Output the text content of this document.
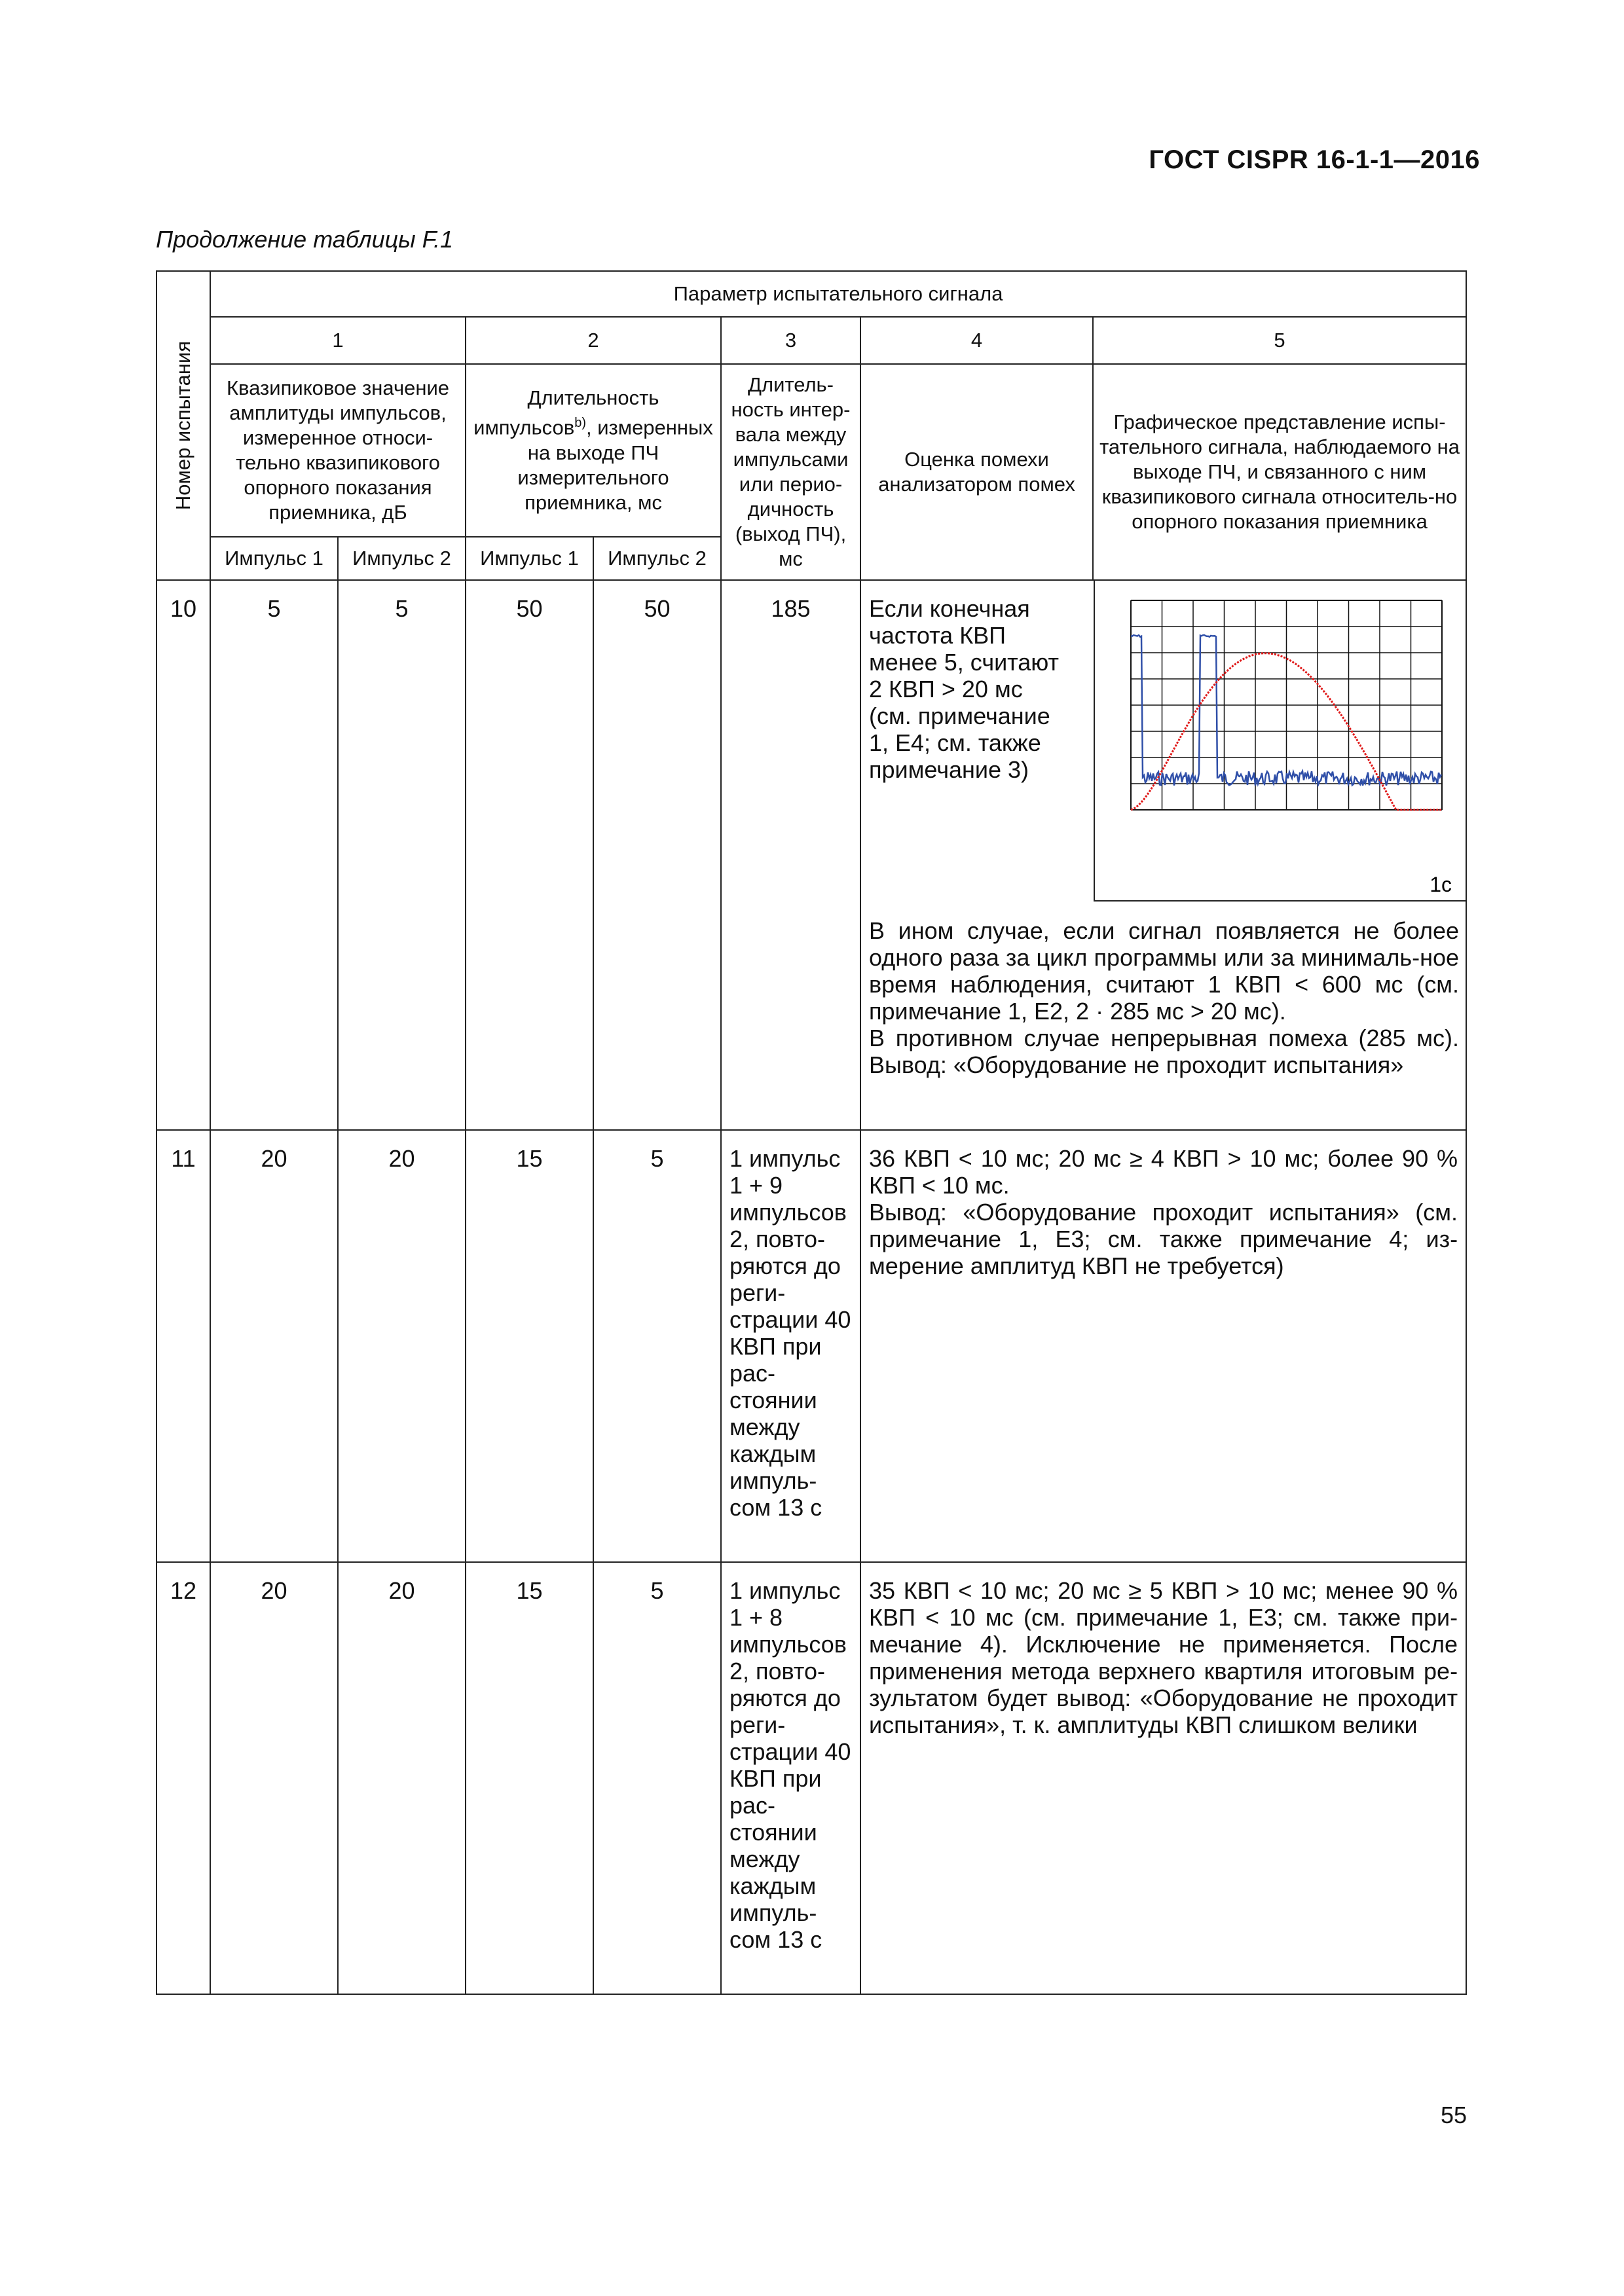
ГОСТ CISPR 16-1-1—2016
Продолжение таблицы F.1
Номер испытания	Параметр испытательного сигнала						
	1		2		3	4	5
	Квазипиковое значение амплитуды импульсов, измеренное относи-тельно квазипикового опорного показания приемника, дБ		Длительность импульсов$^{b)}$, измеренных на выходе ПЧ измерительного приемника, мс		Длитель-ность интер-вала между импульсами или перио-дичность (выход ПЧ), мс	Оценка помехи анализатором помех	Графическое представление испы-тательного сигнала, наблюдаемого на выходе ПЧ, и связанного с ним квазипикового сигнала относитель-но опорного показания приемника
	Импульс 1	Импульс 2	Импульс 1	Импульс 2			
10	5	5	50	50	185	Если конечная частота КВП менее 5, считают 2 КВП > 20 мс (см. примечание 1, E4; см. также примечание 3)
1c
В ином случае, если сигнал появляется не более одного раза за цикл программы или за минималь-ное время наблюдения, считают 1 КВП < 600 мс (см. примечание 1, E2, 2 · 285 мс > 20 мс).
В противном случае непрерывная помеха (285 мс). Вывод: «Оборудование не проходит испытания»	

11	20	20	15	5	1 импульс 1 + 9 импульсов 2, повто-ряются до реги-страции 40 КВП при рас-стоянии между каждым импуль-сом 13 с	36 КВП < 10 мс; 20 мс ≥ 4 КВП > 10 мс; более 90 % КВП < 10 мс.
Вывод: «Оборудование проходит испытания» (см. примечание 1, E3; см. также примечание 4; из-мерение амплитуд КВП не требуется)	
12	20	20	15	5	1 импульс 1 + 8 импульсов 2, повто-ряются до реги-страции 40 КВП при рас-стоянии между каждым импуль-сом 13 с	35 КВП < 10 мс; 20 мс ≥ 5 КВП > 10 мс; менее 90 % КВП < 10 мс (см. примечание 1, E3; см. также при-мечание 4). Исключение не применяется. После применения метода верхнего квартиля итоговым ре-зультатом будет вывод: «Оборудование не проходит испытания», т. к. амплитуды КВП слишком велики	
55
